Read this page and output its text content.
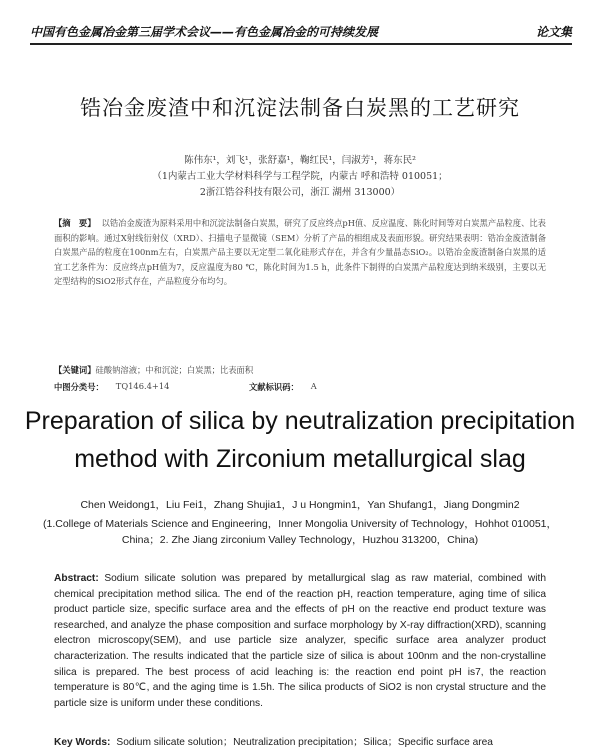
中国有色金属冶金第三届学术会议——有色金属冶金的可持续发展	论文集
锆冶金废渣中和沉淀法制备白炭黑的工艺研究
陈伟东¹，刘飞¹，张舒嘉¹，鞠红民¹，闫淑芳¹，蒋东民²
（1内蒙古工业大学材料科学与工程学院，内蒙古 呼和浩特 010051；
2浙江锆谷科技有限公司，浙江 湖州 313000）
【摘　要】 以锆冶金废渣为原料采用中和沉淀法制备白炭黑，研究了反应终点pH值、反应温度、陈化时间等对白炭黑产品粒度、比表面积的影响。通过X射线衍射仪（XRD）、扫描电子显微镜（SEM）分析了产品的相组成及表面形貌。研究结果表明：锆冶金废渣制备白炭黑产品的粒度在100nm左右，白炭黑产品主要以无定型二氧化硅形式存在，并含有少量晶态SiO₂。以锆冶金废渣制备白炭黑的适宜工艺条件为：反应终点pH值为7，反应温度为80 ℃，陈化时间为1.5 h，此条件下制得的白炭黑产品粒度达到纳米级别，主要以无定型结构的SiO2形式存在，产品粒度分布均匀。
【关键词】硅酸钠溶液；中和沉淀；白炭黑；比表面积
中图分类号： TQ146.4+14	文献标识码： A
Preparation of silica by neutralization precipitation
method with Zirconium metallurgical slag
Chen Weidong1，Liu Fei1，Zhang Shujia1，J u Hongmin1，Yan Shufang1，Jiang Dongmin2
(1.College of Materials Science and Engineering，Inner Mongolia University of Technology，Hohhot 010051，
China；2. Zhe Jiang zirconium Valley Technology，Huzhou 313200，China)
Abstract: Sodium silicate solution was prepared by metallurgical slag as raw material, combined with chemical precipitation method silica. The end of the reaction pH, reaction temperature, aging time of silica product particle size, specific surface area and the effects of pH on the reactive end product texture was researched, and analyze the phase composition and surface morphology by X-ray diffraction(XRD), scanning electron microscopy(SEM), and use particle size analyzer, specific surface area analyzer product characterization. The results indicated that the particle size of silica is about 100nm and the non-crystalline silica is prepared. The best process of acid leaching is: the reaction end point pH is7, the reaction temperature is 80℃, and the aging time is 1.5h. The silica products of SiO2 is non crystal structure and the particle size is uniform under these conditions.
Key Words: Sodium silicate solution；Neutralization precipitation；Silica；Specific surface area
